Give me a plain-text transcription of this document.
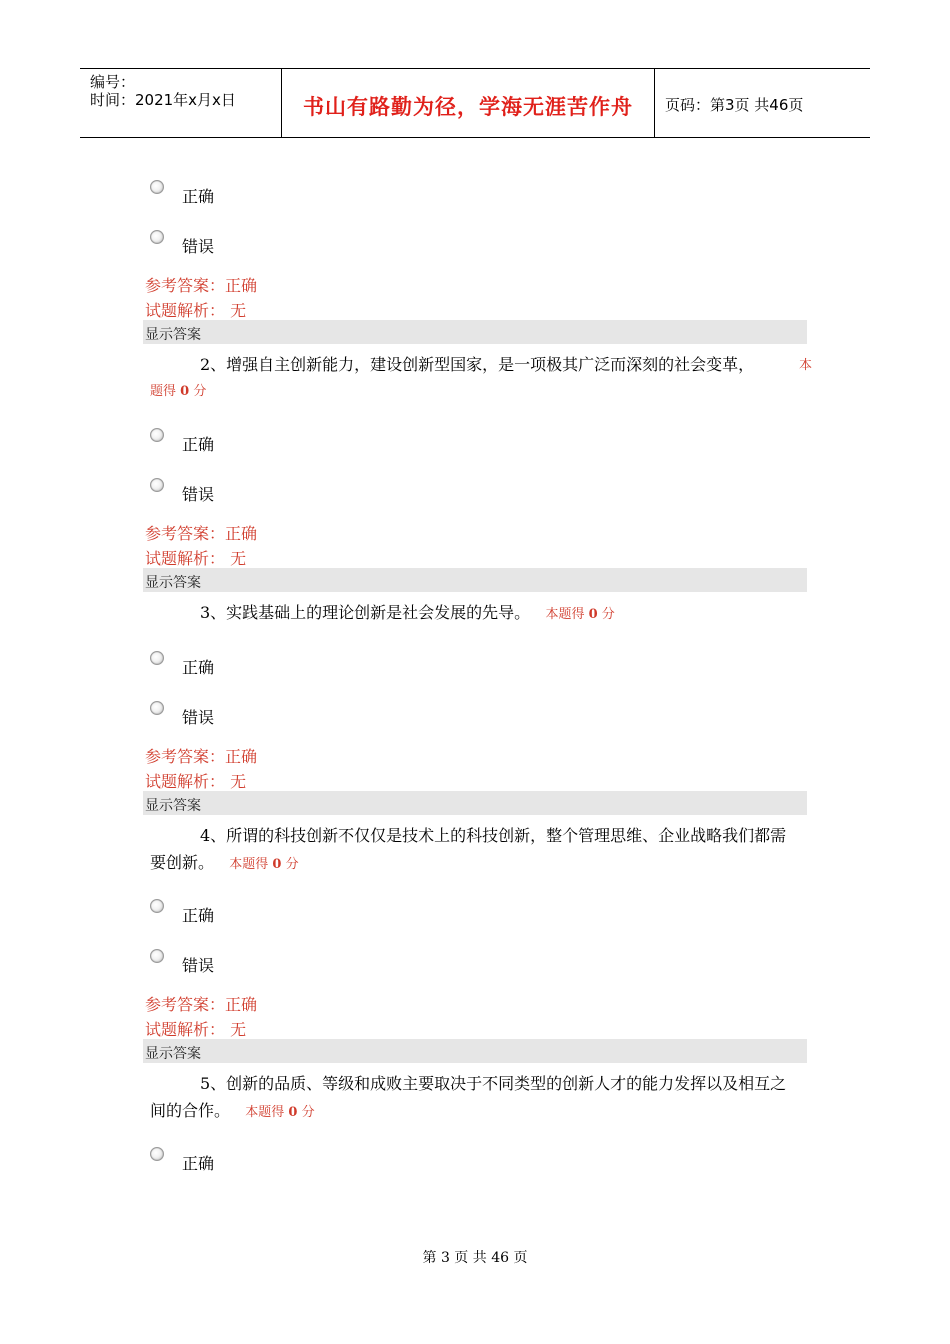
编号：
时间：2021年x月x日	书山有路勤为径，学海无涯苦作舟	页码：第3页 共46页
正确
错误
参考答案：正确
试题解析： 无
显示答案
2、增强自主创新能力，建设创新型国家，是一项极其广泛而深刻的社会变革，	本
题得 0 分
正确
错误
参考答案：正确
试题解析： 无
显示答案
3、实践基础上的理论创新是社会发展的先导。 本题得 0 分
正确
错误
参考答案：正确
试题解析： 无
显示答案
4、所谓的科技创新不仅仅是技术上的科技创新，整个管理思维、企业战略我们都需
要创新。 本题得 0 分
正确
错误
参考答案：正确
试题解析： 无
显示答案
5、创新的品质、等级和成败主要取决于不同类型的创新人才的能力发挥以及相互之
间的合作。 本题得 0 分
正确
第 3 页 共 46 页
